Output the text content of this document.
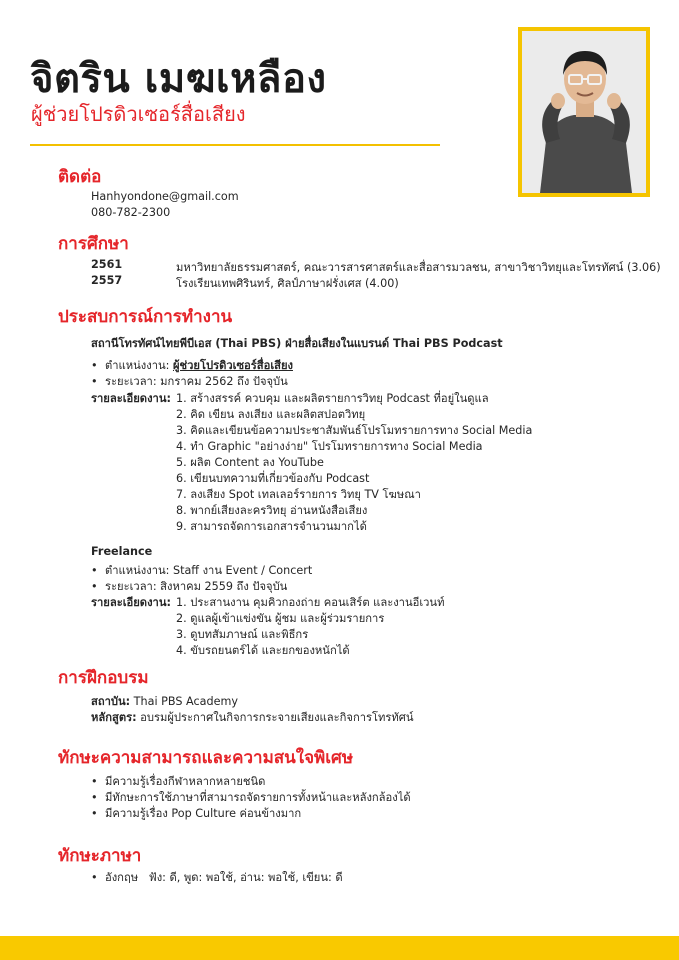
จิตริน เมฆเหลือง
ผู้ช่วยโปรดิวเซอร์สื่อเสียง
ติดต่อ
Hanhyondone@gmail.com
080-782-2300
การศึกษา
2561	มหาวิทยาลัยธรรมศาสตร์, คณะวารสารศาสตร์และสื่อสารมวลชน, สาขาวิชาวิทยุและโทรทัศน์ (3.06)
2557	โรงเรียนเทพศิรินทร์, ศิลป์ภาษาฝรั่งเศส (4.00)
ประสบการณ์การทำงาน
สถานีโทรทัศน์ไทยพีบีเอส (Thai PBS) ฝ่ายสื่อเสียงในแบรนด์ Thai PBS Podcast
• ตำแหน่งงาน: ผู้ช่วยโปรดิวเซอร์สื่อเสียง
• ระยะเวลา: มกราคม 2562 ถึง ปัจจุบัน
รายละเอียดงาน: 1. สร้างสรรค์ ควบคุม และผลิตรายการวิทยุ Podcast ที่อยู่ในดูแล
2. คิด เขียน ลงเสียง และผลิตสปอตวิทยุ
3. คิดและเขียนข้อความประชาสัมพันธ์โปรโมทรายการทาง Social Media
4. ทำ Graphic "อย่างง่าย" โปรโมทรายการทาง Social Media
5. ผลิต Content ลง YouTube
6. เขียนบทความที่เกี่ยวข้องกับ Podcast
7. ลงเสียง Spot เทลเลอร์รายการ วิทยุ TV โฆษณา
8. พากย์เสียงละครวิทยุ อ่านหนังสือเสียง
9. สามารถจัดการเอกสารจำนวนมากได้
Freelance
• ตำแหน่งงาน: Staff งาน Event / Concert
• ระยะเวลา: สิงหาคม 2559 ถึง ปัจจุบัน
รายละเอียดงาน: 1. ประสานงาน คุมคิวกองถ่าย คอนเสิร์ต และงานอีเวนท์
2. ดูแลผู้เข้าแข่งขัน ผู้ชม และผู้ร่วมรายการ
3. ดูบทสัมภาษณ์ และพิธีกร
4. ขับรถยนตร์ได้ และยกของหนักได้
การฝึกอบรม
สถาบัน: Thai PBS Academy
หลักสูตร: อบรมผู้ประกาศในกิจการกระจายเสียงและกิจการโทรทัศน์
ทักษะความสามารถและความสนใจพิเศษ
• มีความรู้เรื่องกีฬาหลากหลายชนิด
• มีทักษะการใช้ภาษาที่สามารถจัดรายการทั้งหน้าและหลังกล้องได้
• มีความรู้เรื่อง Pop Culture ค่อนข้างมาก
ทักษะภาษา
• อังกฤษ   ฟัง: ดี, พูด: พอใช้, อ่าน: พอใช้, เขียน: ดี
